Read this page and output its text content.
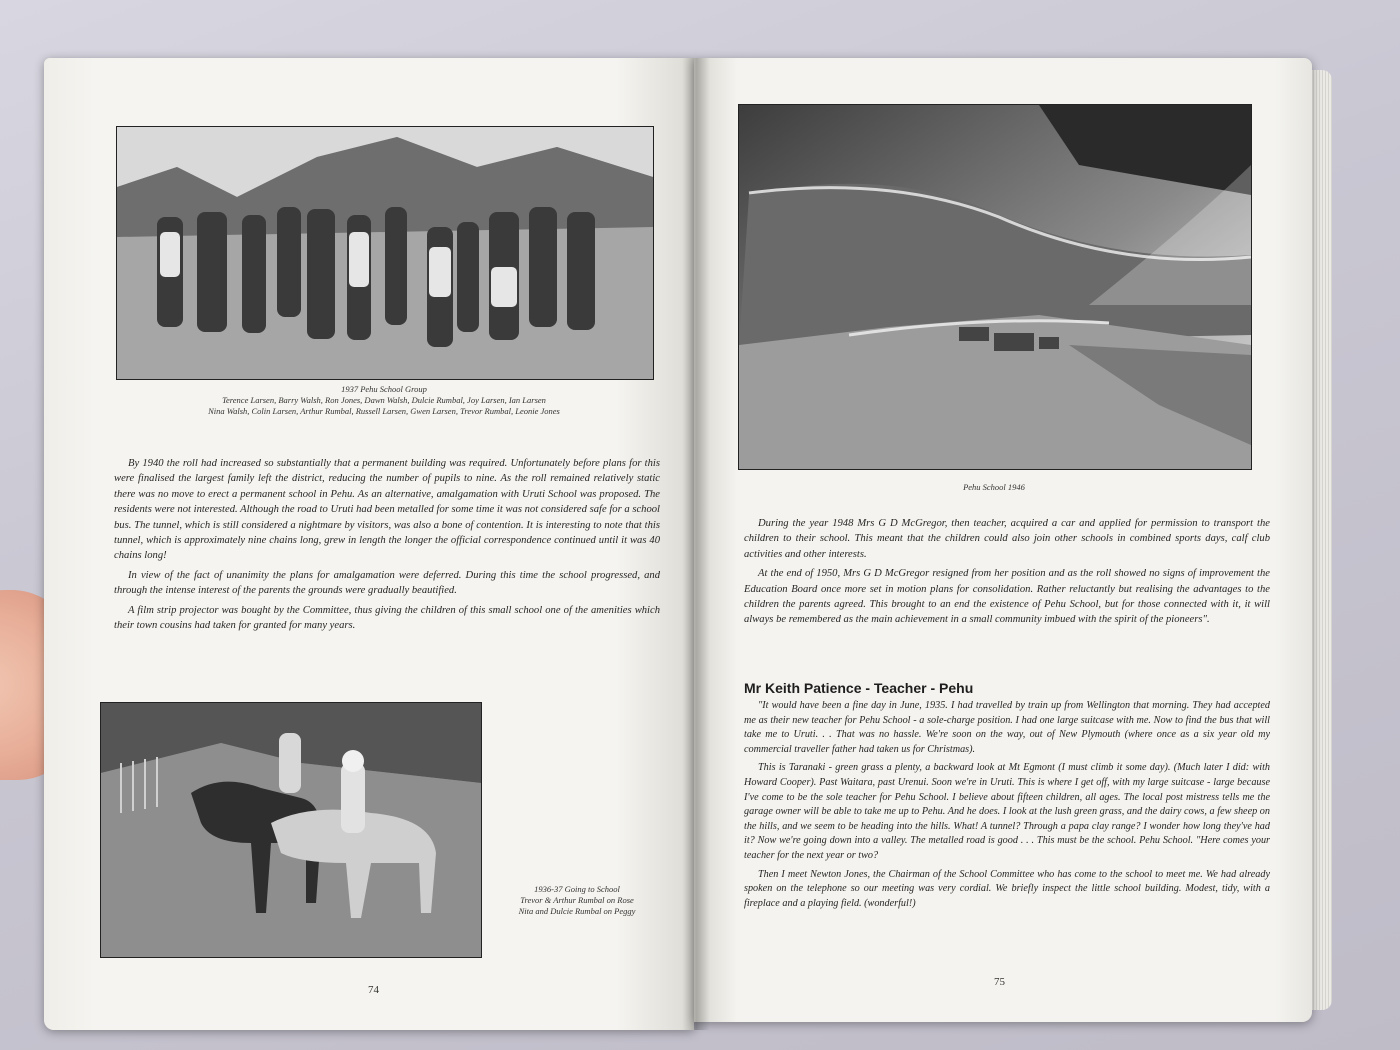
1937 Pehu School Group
Terence Larsen, Barry Walsh, Ron Jones, Dawn Walsh, Dulcie Rumbal, Joy Larsen, Ian Larsen
Nina Walsh, Colin Larsen, Arthur Rumbal, Russell Larsen, Gwen Larsen, Trevor Rumbal, Leonie Jones

By 1940 the roll had increased so substantially that a permanent building was required. Unfortunately before plans for this were finalised the largest family left the district, reducing the number of pupils to nine. As the roll remained relatively static there was no move to erect a permanent school in Pehu. As an alternative, amalgamation with Uruti School was proposed. The residents were not interested. Although the road to Uruti had been metalled for some time it was not considered safe for a school bus. The tunnel, which is still considered a nightmare by visitors, was also a bone of contention. It is interesting to note that this tunnel, which is approximately nine chains long, grew in length the longer the official correspondence continued until it was 40 chains long!

In view of the fact of unanimity the plans for amalgamation were deferred. During this time the school progressed, and through the intense interest of the parents the grounds were gradually beautified.

A film strip projector was bought by the Committee, thus giving the children of this small school one of the amenities which their town cousins had taken for granted for many years.

1936-37 Going to School
Trevor & Arthur Rumbal on Rose
Nita and Dulcie Rumbal on Peggy
74
Pehu School 1946

During the year 1948 Mrs G D McGregor, then teacher, acquired a car and applied for permission to transport the children to their school. This meant that the children could also join other schools in combined sports days, calf club activities and other interests.

At the end of 1950, Mrs G D McGregor resigned from her position and as the roll showed no signs of improvement the Education Board once more set in motion plans for consolidation. Rather reluctantly but realising the advantages to the children the parents agreed. This brought to an end the existence of Pehu School, but for those connected with it, it will always be remembered as the main achievement in a small community imbued with the spirit of the pioneers".

Mr Keith Patience - Teacher - Pehu

"It would have been a fine day in June, 1935. I had travelled by train up from Wellington that morning. They had accepted me as their new teacher for Pehu School - a sole-charge position. I had one large suitcase with me. Now to find the bus that will take me to Uruti. . . That was no hassle. We're soon on the way, out of New Plymouth (where once as a six year old my commercial traveller father had taken us for Christmas).

This is Taranaki - green grass a plenty, a backward look at Mt Egmont (I must climb it some day). (Much later I did: with Howard Cooper). Past Waitara, past Urenui. Soon we're in Uruti. This is where I get off, with my large suitcase - large because I've come to be the sole teacher for Pehu School. I believe about fifteen children, all ages. The local post mistress tells me the garage owner will be able to take me up to Pehu. And he does. I look at the lush green grass, and the dairy cows, a few sheep on the hills, and we seem to be heading into the hills. What! A tunnel? Through a papa clay range? I wonder how long they've had it? Now we're going down into a valley. The metalled road is good . . . This must be the school. Pehu School. "Here comes your teacher for the next year or two?

Then I meet Newton Jones, the Chairman of the School Committee who has come to the school to meet me. We had already spoken on the telephone so our meeting was very cordial. We briefly inspect the little school building. Modest, tidy, with a fireplace and a playing field. (wonderful!)

75
